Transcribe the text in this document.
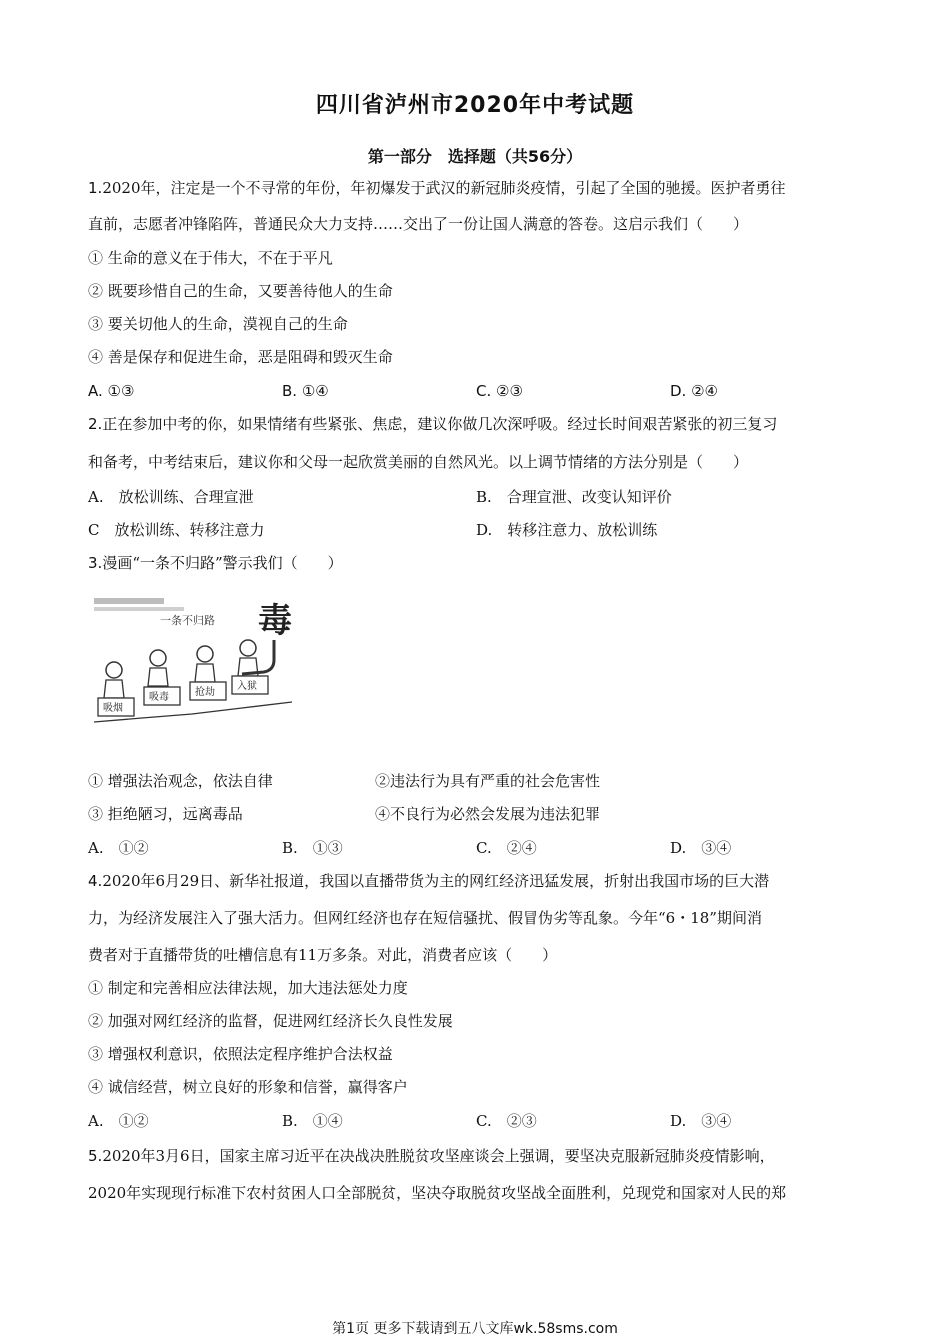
四川省泸州市2020年中考试题
第一部分　选择题（共56分）
1.2020年，注定是一个不寻常的年份，年初爆发于武汉的新冠肺炎疫情，引起了全国的驰援。医护者勇往
直前，志愿者冲锋陷阵，普通民众大力支持……交出了一份让国人满意的答卷。这启示我们（　　）
① 生命的意义在于伟大，不在于平凡
② 既要珍惜自己的生命，又要善待他人的生命
③ 要关切他人的生命，漠视自己的生命
④ 善是保存和促进生命，恶是阻碍和毁灭生命
A. ①③	B. ①④	C. ②③	D. ②④
2.正在参加中考的你，如果情绪有些紧张、焦虑，建议你做几次深呼吸。经过长时间艰苦紧张的初三复习
和备考，中考结束后，建议你和父母一起欣赏美丽的自然风光。以上调节情绪的方法分别是（　　）
A.　放松训练、合理宣泄	B.　合理宣泄、改变认知评价
C　放松训练、转移注意力	D.　转移注意力、放松训练
3.漫画“一条不归路”警示我们（　　）
一条不归路 毒
吸烟
吸毒	抢劫
入狱
① 增强法治观念，依法自律	②违法行为具有严重的社会危害性
③ 拒绝陋习，远离毒品	④不良行为必然会发展为违法犯罪
A.　①②	B.　①③	C.　②④	D.　③④
4.2020年6月29日、新华社报道，我国以直播带货为主的网红经济迅猛发展，折射出我国市场的巨大潜
力，为经济发展注入了强大活力。但网红经济也存在短信骚扰、假冒伪劣等乱象。今年“6・18”期间消
费者对于直播带货的吐槽信息有11万多条。对此，消费者应该（　　）
① 制定和完善相应法律法规，加大违法惩处力度
② 加强对网红经济的监督，促进网红经济长久良性发展
③ 增强权利意识，依照法定程序维护合法权益
④ 诚信经营，树立良好的形象和信誉，赢得客户
A.　①②	B.　①④	C.　②③	D.　③④
5.2020年3月6日，国家主席习近平在决战决胜脱贫攻坚座谈会上强调，要坚决克服新冠肺炎疫情影响，
2020年实现现行标准下农村贫困人口全部脱贫，坚决夺取脱贫攻坚战全面胜利，兑现党和国家对人民的郑
第1页 更多下载请到五八文库wk.58sms.com
